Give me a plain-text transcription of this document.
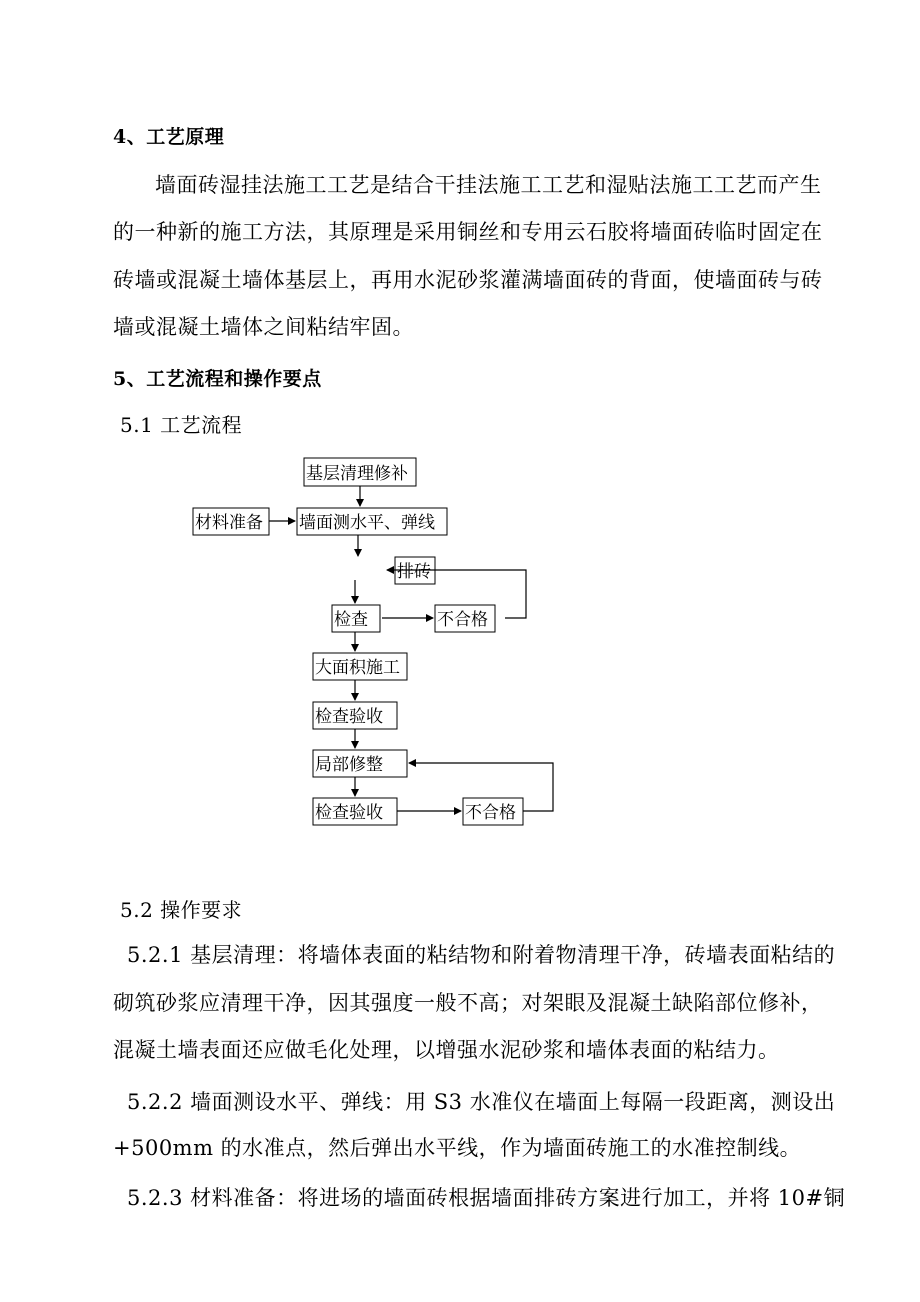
4、工艺原理
墙面砖湿挂法施工工艺是结合干挂法施工工艺和湿贴法施工工艺而产生
的一种新的施工方法，其原理是采用铜丝和专用云石胶将墙面砖临时固定在
砖墙或混凝土墙体基层上，再用水泥砂浆灌满墙面砖的背面，使墙面砖与砖
墙或混凝土墙体之间粘结牢固。
5、工艺流程和操作要点
5.1 工艺流程
基层清理修补
材料准备 墙面测水平、弹线
排砖
检查	不合格
大面积施工
检查验收
局部修整
检查验收	不合格
5.2 操作要求
5.2.1 基层清理：将墙体表面的粘结物和附着物清理干净，砖墙表面粘结的
砌筑砂浆应清理干净，因其强度一般不高；对架眼及混凝土缺陷部位修补，
混凝土墙表面还应做毛化处理，以增强水泥砂浆和墙体表面的粘结力。
5.2.2 墙面测设水平、弹线：用 S3 水准仪在墙面上每隔一段距离，测设出
+500mm 的水准点，然后弹出水平线，作为墙面砖施工的水准控制线。
5.2.3 材料准备：将进场的墙面砖根据墙面排砖方案进行加工，并将 10#铜
